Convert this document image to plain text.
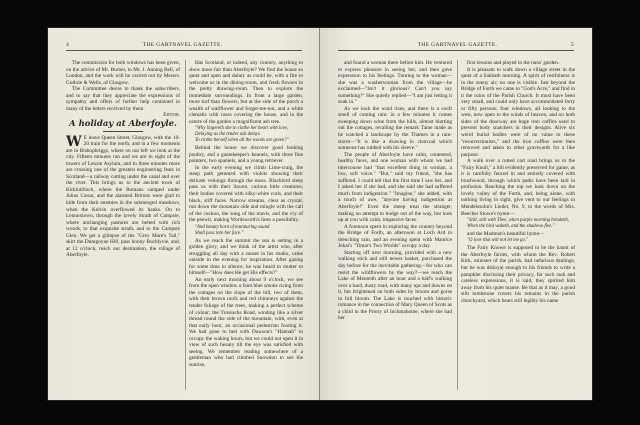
4	THE GARTNAVEL GAZETTE.

The commission for both windows has been given, on the advice of Mr. Burnet, to Mr. J. Anning Bell, of London, and the work will be carried out by Messrs. Guthrie & Wells, of Glasgow.

The Committee desire to thank the subscribers, and to say that they appreciate the expressions of sympathy and offers of further help contained in many of the letters received by them.

Editor.

A holiday at Aberfoyle.

W E leave Queen Street, Glasgow, with the 10-20 train for the north, and in a few moments are in Bishopbriggs, where on our left we look at the city. Fifteen minutes run and we are in sight of the towers of Lenzie Asylum, and in three minutes more are crossing one of the greatest engineering feats in Scotland—a railway cutting under the canal and over the river. This brings us to the ancient town of Kirkintilloch, where the Romans camped under Julius Cæsar, and the alarmed Britons were glad to hide from their enemies in the submerged meadows, when the Kelvin overflowed its banks. On to Lennoxtown, through the lovely Strath of Campsie, where unchanging pastures are belted with rich woods, to that exquisite strath, and to the Campsie Glen. We get a glimpse of the "Grey Mare's Tail," skirt the Dumgoyne Hill, pass bonny Buchlyvie, and, at 12 o'clock, reach our destination, the village of Aberfoyle.

Has Scotland, or indeed, any country, anything to show more fair than Aberfoyle? We find the house so quiet and open and dainty as could be, with a fire to welcome us in the dining-room, and fresh flowers in the pretty drawing-room. Then to explore the immediate surroundings. In front a large garden, more turf than flowers, but at the side of the porch a wealth of wallflower and forget-me-not, and a white clematis with roses covering the house, and in the centre of the garden a magnificent ash tree.

"Why lingereth she to clothe her heart with love,
Delaying as the tender ash delays
To clothe herself when all the woods are green?"

Behind the house we discover good looking poultry, and a gamekeeper's kennels, with three fine pointers, two spaniels, and a young retriever.

In the early evening we climb Lime-craig, the steep path gemmed with violets showing their delicate veinings through the moss. Blackbird sleep pass us with their lissom, curious little creatures; their bodies covered with silky-white curls, and their black, stiff faces. Narrow streams, clear as crystal, run down the mountain side and mingle with the call of the cuckoo, the song of the mavis, and the cry of the peewit, making Wordsworth's lines a possibility.

"And beauty born of murmuring sound
Shall pass into her face."

As we reach the summit the sun is setting in a golden glory, and we think of the artist who, after struggling all day with a sunset in his studio, came outside in the evening for inspiration. After gazing for some time in silence, he was heard to mutter to himself—"How does He get His effects?"

An early next morning about 9 o'clock, we see from the open window a faint blue smoke rising from the cottages on the slope of the hill, two of them, with their brown roofs and red chimneys against the tender foliage of the trees, making a perfect scheme of colour; the Trossachs Road, winding like a silver thread round the side of the mountain, with, even at that early hour, an occasional pedestrian footing it. We had gone to bed with Dawson's "Hannah" to occupy the waking hours, but we could not open it in view of such beauty till the eye was satisfied with seeing. We remember reading somewhere of a gentleman who had climbed Snowdon to see the sunrise,

THE GARTNAVEL GAZETTE.	5

and found a woman there before him. He ventured to express pleasure in seeing her, and then gave expression to his feelings. Turning to the woman—she was a washerwoman from the village—he exclaimed—"Isn't it glorious? Can't you say something?" She quietly replied—"I am just letting it soak in."

As we look the wind rises, and there is a swift smell of coming rain: in a few minutes it comes sweeping down wine from the hills, almost blotting out the cottages, recalling the remark Taine made as he watched a landscape by the Thames in a rain-storm—"It is like a drawing in charcoal which someone has rubbed with his sleeve."

The people of Aberfoyle have calm, contented, healthy faces, and one woman with whom we had intercourse had "that excellent thing in woman, a low, soft voice." "But," said my friend, "she has suffered. I could tell that the first time I saw her, and I asked her if she had, and she said she had suffered much from indigestion." "Imagine," she added, with a touch of awe, "anyone having indigestion at Aberfoyle!" Even the sheep treat the stranger, making no attempt to budge out of the way, but look up at you with calm, impassive faces.

A forenoon spent in exploring the country beyond the Bridge of Forth, an afternoon at Loch Ard in drenching rain, and an evening spent with Maurice Jokai's "Timar's Two Worlds" occupy a day.

Starting off next morning, provided with a new walking stick and still newer basket, purchased the day before for the inevitable gathering—for who can resist the wildflowers by the way?—we reach the Lake of Menteith after an hour and a half's walking over a hard, dusty road, with many ups and downs on it, but brightened on both sides by broom and gorse in full bloom. The Lake is touched with historic romance in the connection of Mary Queen of Scots as a child in the Priory of Inchmahome, where she had her

first lessons and played in the nuns' garden.

It is pleasant to walk down a village street in the quiet of a Sabbath morning. A spirit of restfulness is in the sunny air; no one is visible. Just beyond the Bridge of Forth we came to "God's Acre," and find in it the ruins of the Parish Church. It must have been very small, and could only have accommodated forty or fifty persons; four windows, all looking to the west, now open to the winds of heaven, and on both sides of the doorway are huge iron coffins used to prevent body snatchers in their designs. Alive six weird burial bodies were of no value to these "resurrectionists," and the iron coffins were then removed and taken to other graveyards for a like purpose.

A walk over a rutted cart road brings us to the "Fairy Knoll," a hill evidently preserved for game, as it is carefully fenced in and entirely covered with brushwood, through which paths have been laid in profusion. Reaching the top we look down on the lovely valley of the Forth, and, being alone, with nothing living in sight, give vent to our feelings in Mendelssohn's Lieder, No. 9, to the words of Mrs. Beecher Stowe's hymn—

"Still, still with Thee, when purple morning breaketh,
When the bird waketh, and the shadows flee."

and the Madman's beautiful hymn—

"O love that wilt not let me go."

The Fairy Knowe is supposed to be the haunt of the Aberfoyle fairies, with whom the Rev. Robert Kirk, minister of the parish, had nefarious dealings; but he was disloyal enough to his friends to write a pamphlet disclosing their privacy, for such rash and careless expressions, it is said, they spirited him away from his quiet manse. Be that as it may, a good stilt tombstone covers his remains in the parish churchyard, which bears still legibly his name
